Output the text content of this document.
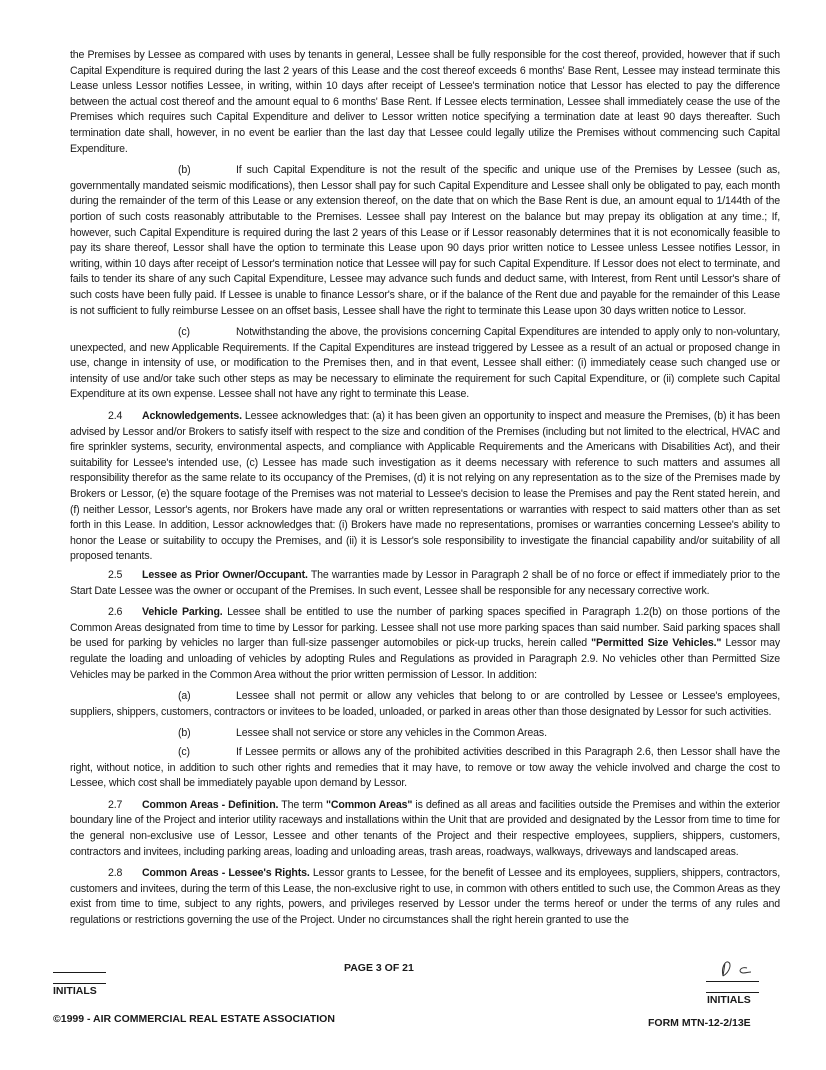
the Premises by Lessee as compared with uses by tenants in general, Lessee shall be fully responsible for the cost thereof, provided, however that if such Capital Expenditure is required during the last 2 years of this Lease and the cost thereof exceeds 6 months' Base Rent, Lessee may instead terminate this Lease unless Lessor notifies Lessee, in writing, within 10 days after receipt of Lessee's termination notice that Lessor has elected to pay the difference between the actual cost thereof and the amount equal to 6 months' Base Rent. If Lessee elects termination, Lessee shall immediately cease the use of the Premises which requires such Capital Expenditure and deliver to Lessor written notice specifying a termination date at least 90 days thereafter. Such termination date shall, however, in no event be earlier than the last day that Lessee could legally utilize the Premises without commencing such Capital Expenditure.

(b)	If such Capital Expenditure is not the result of the specific and unique use of the Premises by Lessee (such as, governmentally mandated seismic modifications), then Lessor shall pay for such Capital Expenditure and Lessee shall only be obligated to pay, each month during the remainder of the term of this Lease or any extension thereof, on the date that on which the Base Rent is due, an amount equal to 1/144th of the portion of such costs reasonably attributable to the Premises. Lessee shall pay Interest on the balance but may prepay its obligation at any time.; If, however, such Capital Expenditure is required during the last 2 years of this Lease or if Lessor reasonably determines that it is not economically feasible to pay its share thereof, Lessor shall have the option to terminate this Lease upon 90 days prior written notice to Lessee unless Lessee notifies Lessor, in writing, within 10 days after receipt of Lessor's termination notice that Lessee will pay for such Capital Expenditure. If Lessor does not elect to terminate, and fails to tender its share of any such Capital Expenditure, Lessee may advance such funds and deduct same, with Interest, from Rent until Lessor's share of such costs have been fully paid. If Lessee is unable to finance Lessor's share, or if the balance of the Rent due and payable for the remainder of this Lease is not sufficient to fully reimburse Lessee on an offset basis, Lessee shall have the right to terminate this Lease upon 30 days written notice to Lessor.

(c)	Notwithstanding the above, the provisions concerning Capital Expenditures are intended to apply only to non-voluntary, unexpected, and new Applicable Requirements. If the Capital Expenditures are instead triggered by Lessee as a result of an actual or proposed change in use, change in intensity of use, or modification to the Premises then, and in that event, Lessee shall either: (i) immediately cease such changed use or intensity of use and/or take such other steps as may be necessary to eliminate the requirement for such Capital Expenditure, or (ii) complete such Capital Expenditure at its own expense. Lessee shall not have any right to terminate this Lease.

2.4 Acknowledgements. Lessee acknowledges that: (a) it has been given an opportunity to inspect and measure the Premises, (b) it has been advised by Lessor and/or Brokers to satisfy itself with respect to the size and condition of the Premises (including but not limited to the electrical, HVAC and fire sprinkler systems, security, environmental aspects, and compliance with Applicable Requirements and the Americans with Disabilities Act), and their suitability for Lessee's intended use, (c) Lessee has made such investigation as it deems necessary with reference to such matters and assumes all responsibility therefor as the same relate to its occupancy of the Premises, (d) it is not relying on any representation as to the size of the Premises made by Brokers or Lessor, (e) the square footage of the Premises was not material to Lessee's decision to lease the Premises and pay the Rent stated herein, and (f) neither Lessor, Lessor's agents, nor Brokers have made any oral or written representations or warranties with respect to said matters other than as set forth in this Lease. In addition, Lessor acknowledges that: (i) Brokers have made no representations, promises or warranties concerning Lessee's ability to honor the Lease or suitability to occupy the Premises, and (ii) it is Lessor's sole responsibility to investigate the financial capability and/or suitability of all proposed tenants.

2.5 Lessee as Prior Owner/Occupant. The warranties made by Lessor in Paragraph 2 shall be of no force or effect if immediately prior to the Start Date Lessee was the owner or occupant of the Premises. In such event, Lessee shall be responsible for any necessary corrective work.

2.6 Vehicle Parking. Lessee shall be entitled to use the number of parking spaces specified in Paragraph 1.2(b) on those portions of the Common Areas designated from time to time by Lessor for parking. Lessee shall not use more parking spaces than said number. Said parking spaces shall be used for parking by vehicles no larger than full-size passenger automobiles or pick-up trucks, herein called "Permitted Size Vehicles." Lessor may regulate the loading and unloading of vehicles by adopting Rules and Regulations as provided in Paragraph 2.9. No vehicles other than Permitted Size Vehicles may be parked in the Common Area without the prior written permission of Lessor. In addition:

(a)	Lessee shall not permit or allow any vehicles that belong to or are controlled by Lessee or Lessee's employees, suppliers, shippers, customers, contractors or invitees to be loaded, unloaded, or parked in areas other than those designated by Lessor for such activities.

(b)	Lessee shall not service or store any vehicles in the Common Areas.

(c)	If Lessee permits or allows any of the prohibited activities described in this Paragraph 2.6, then Lessor shall have the right, without notice, in addition to such other rights and remedies that it may have, to remove or tow away the vehicle involved and charge the cost to Lessee, which cost shall be immediately payable upon demand by Lessor.

2.7 Common Areas - Definition. The term "Common Areas" is defined as all areas and facilities outside the Premises and within the exterior boundary line of the Project and interior utility raceways and installations within the Unit that are provided and designated by the Lessor from time to time for the general non-exclusive use of Lessor, Lessee and other tenants of the Project and their respective employees, suppliers, shippers, customers, contractors and invitees, including parking areas, loading and unloading areas, trash areas, roadways, walkways, driveways and landscaped areas.

2.8 Common Areas - Lessee's Rights. Lessor grants to Lessee, for the benefit of Lessee and its employees, suppliers, shippers, contractors, customers and invitees, during the term of this Lease, the non-exclusive right to use, in common with others entitled to such use, the Common Areas as they exist from time to time, subject to any rights, powers, and privileges reserved by Lessor under the terms hereof or under the terms of any rules and regulations or restrictions governing the use of the Project. Under no circumstances shall the right herein granted to use the

INITIALS
PAGE 3 OF 21
INITIALS
©1999 - AIR COMMERCIAL REAL ESTATE ASSOCIATION	FORM MTN-12-2/13E
